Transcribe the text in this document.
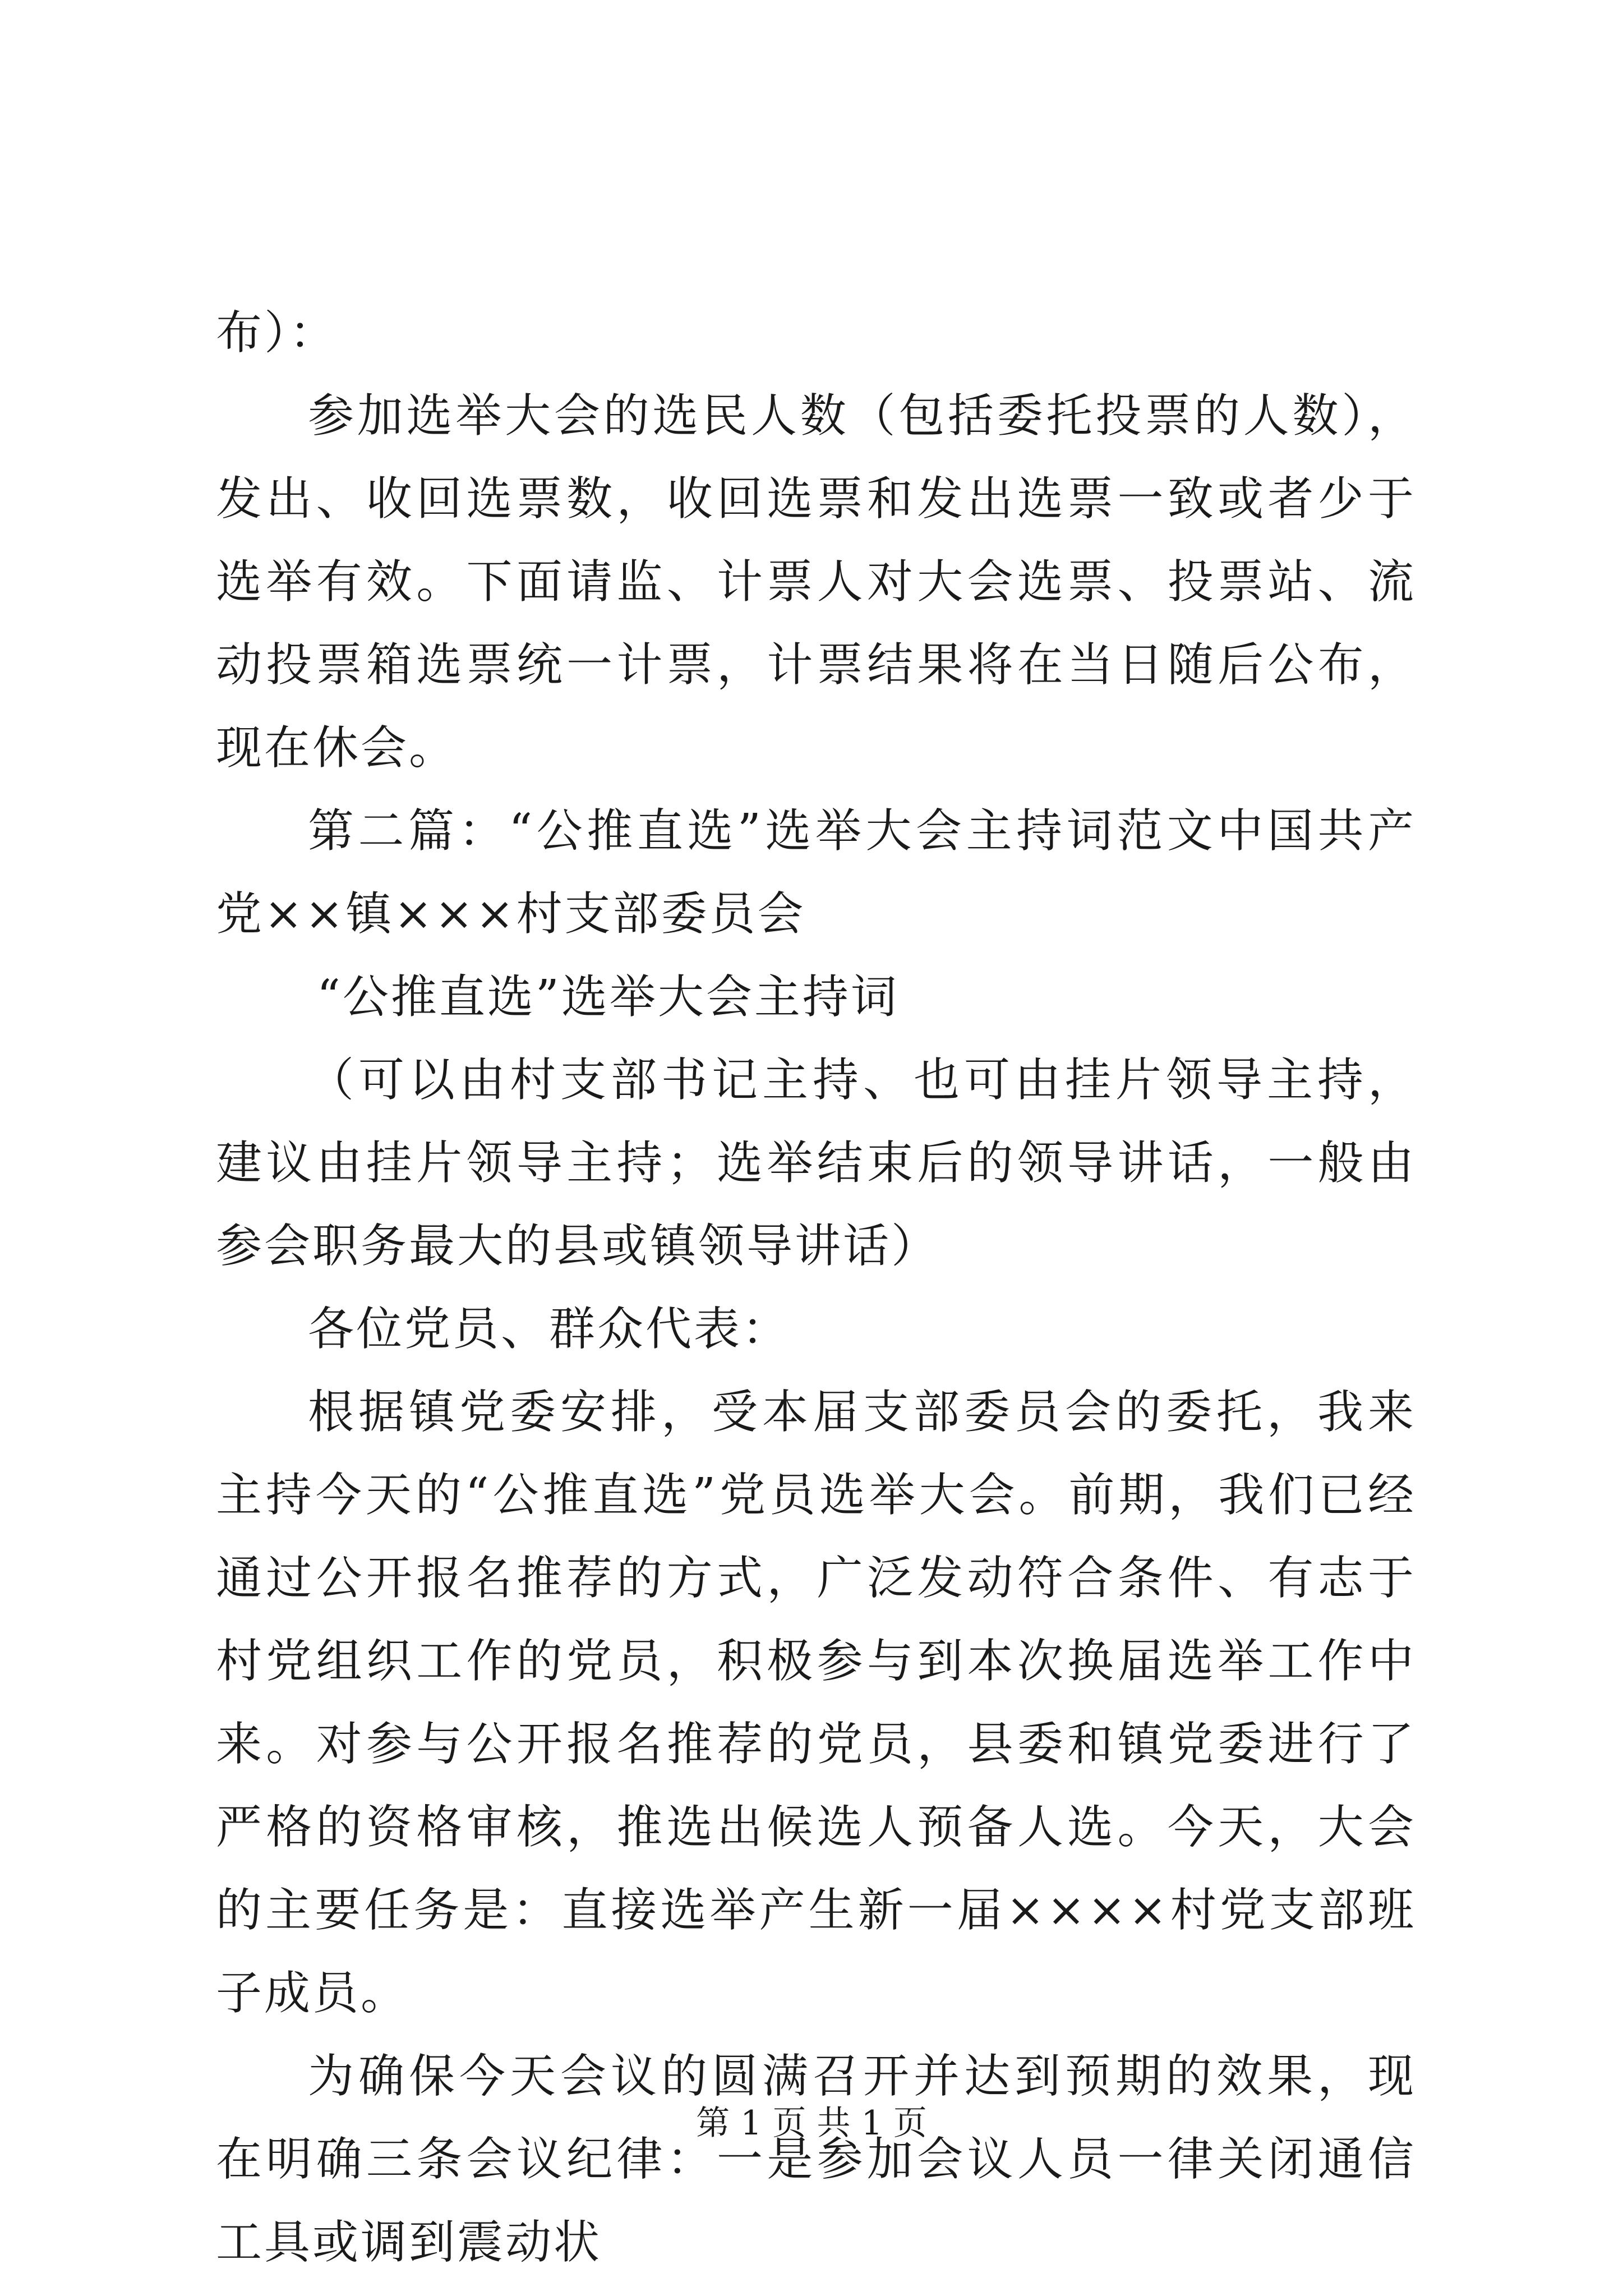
布）：

参加选举大会的选民人数（包括委托投票的人数），发出、收回选票数，收回选票和发出选票一致或者少于选举有效。下面请监、计票人对大会选票、投票站、流动投票箱选票统一计票，计票结果将在当日随后公布，现在休会。

第二篇：“公推直选”选举大会主持词范文中国共产党××镇×××村支部委员会

“公推直选”选举大会主持词

（可以由村支部书记主持、也可由挂片领导主持，建议由挂片领导主持；选举结束后的领导讲话，一般由参会职务最大的县或镇领导讲话）

各位党员、群众代表：

根据镇党委安排，受本届支部委员会的委托，我来主持今天的“公推直选”党员选举大会。前期，我们已经通过公开报名推荐的方式，广泛发动符合条件、有志于村党组织工作的党员，积极参与到本次换届选举工作中来。对参与公开报名推荐的党员，县委和镇党委进行了严格的资格审核，推选出候选人预备人选。今天，大会的主要任务是：直接选举产生新一届××××村党支部班子成员。

为确保今天会议的圆满召开并达到预期的效果，现在明确三条会议纪律：一是参加会议人员一律关闭通信工具或调到震动状

第 1 页 共 1 页
